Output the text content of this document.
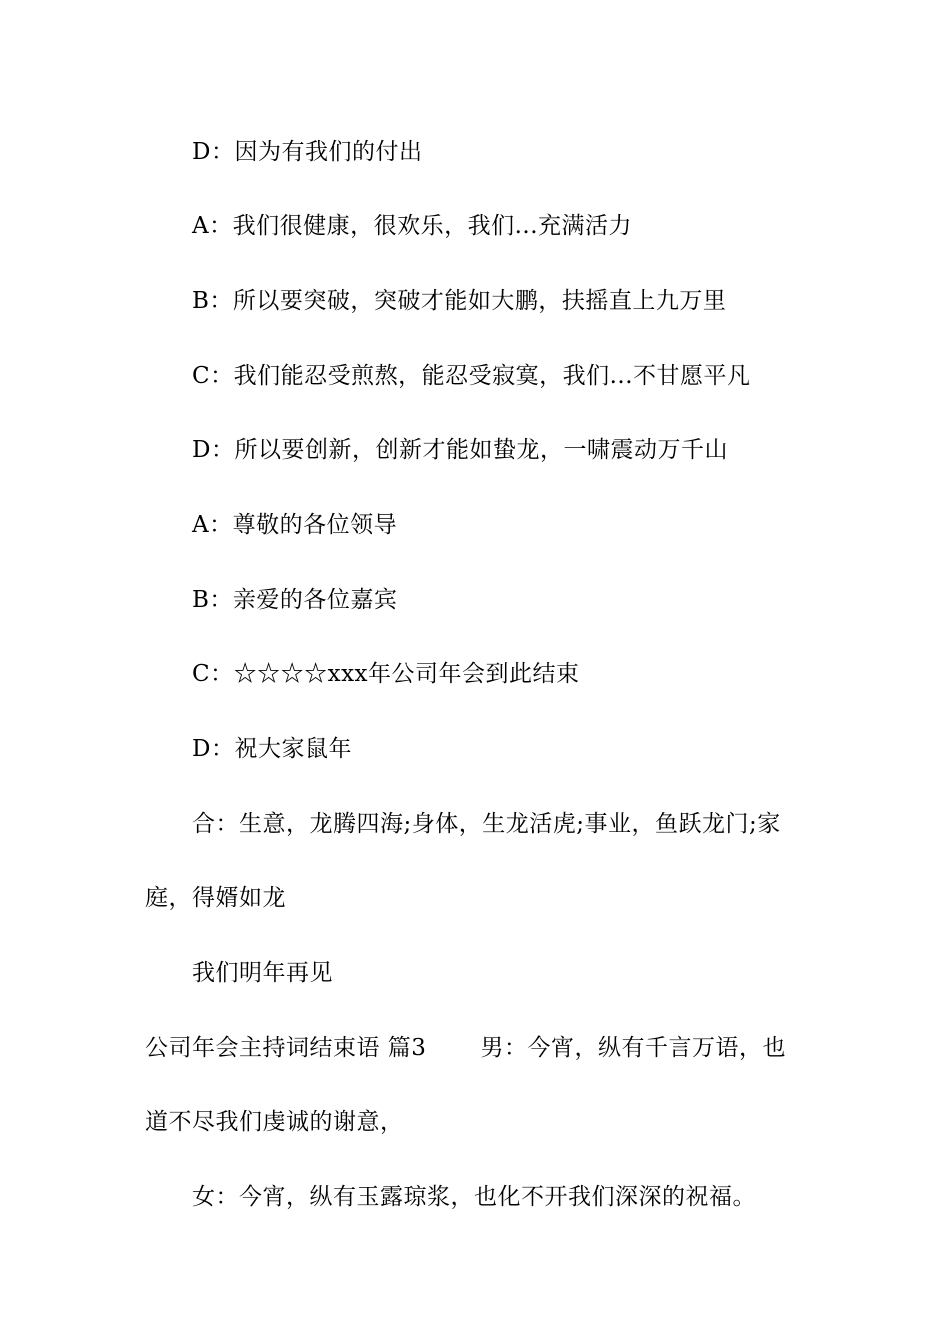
D：因为有我们的付出
A：我们很健康，很欢乐，我们...充满活力
B：所以要突破，突破才能如大鹏，扶摇直上九万里
C：我们能忍受煎熬，能忍受寂寞，我们...不甘愿平凡
D：所以要创新，创新才能如蛰龙，一啸震动万千山
A：尊敬的各位领导
B：亲爱的各位嘉宾
C：☆☆☆☆xxx年公司年会到此结束
D：祝大家鼠年
合：生意，龙腾四海;身体，生龙活虎;事业，鱼跃龙门;家
庭，得婿如龙
我们明年再见
公司年会主持词结束语 篇3 男：今宵，纵有千言万语，也
道不尽我们虔诚的谢意，
女：今宵，纵有玉露琼浆，也化不开我们深深的祝福。
